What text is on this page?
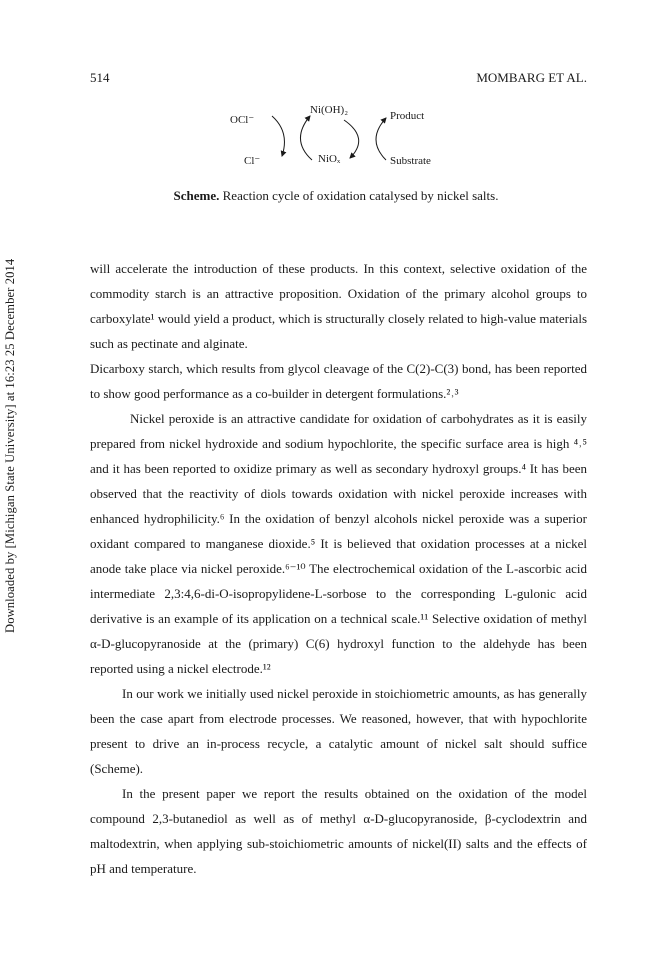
514	MOMBARG ET AL.
Downloaded by [Michigan State University] at 16:23 25 December 2014
OCl⁻
Ni(OH)₂	Product
Cl⁻	NiOₓ	Substrate
Scheme. Reaction cycle of oxidation catalysed by nickel salts.

will accelerate the introduction of these products. In this context, selective oxidation of the commodity starch is an attractive proposition. Oxidation of the primary alcohol groups to carboxylate¹ would yield a product, which is structurally closely related to high-value materials such as pectinate and alginate.

Dicarboxy starch, which results from glycol cleavage of the C(2)-C(3) bond, has been reported to show good performance as a co-builder in detergent formulations.²˒³

Nickel peroxide is an attractive candidate for oxidation of carbohydrates as it is easily prepared from nickel hydroxide and sodium hypochlorite, the specific surface area is high ⁴˒⁵ and it has been reported to oxidize primary as well as secondary hydroxyl groups.⁴ It has been observed that the reactivity of diols towards oxidation with nickel peroxide increases with enhanced hydrophilicity.⁶ In the oxidation of benzyl alcohols nickel peroxide was a superior oxidant compared to manganese dioxide.⁵ It is believed that oxidation processes at a nickel anode take place via nickel peroxide.⁶⁻¹⁰ The electrochemical oxidation of the L-ascorbic acid intermediate 2,3:4,6-di-O-isopropylidene-L-sorbose to the corresponding L-gulonic acid derivative is an example of its application on a technical scale.¹¹ Selective oxidation of methyl α-D-glucopyranoside at the (primary) C(6) hydroxyl function to the aldehyde has been reported using a nickel electrode.¹²

In our work we initially used nickel peroxide in stoichiometric amounts, as has generally been the case apart from electrode processes. We reasoned, however, that with hypochlorite present to drive an in-process recycle, a catalytic amount of nickel salt should suffice (Scheme).

In the present paper we report the results obtained on the oxidation of the model compound 2,3-butanediol as well as of methyl α-D-glucopyranoside, β-cyclodextrin and maltodextrin, when applying sub-stoichiometric amounts of nickel(II) salts and the effects of pH and temperature.
